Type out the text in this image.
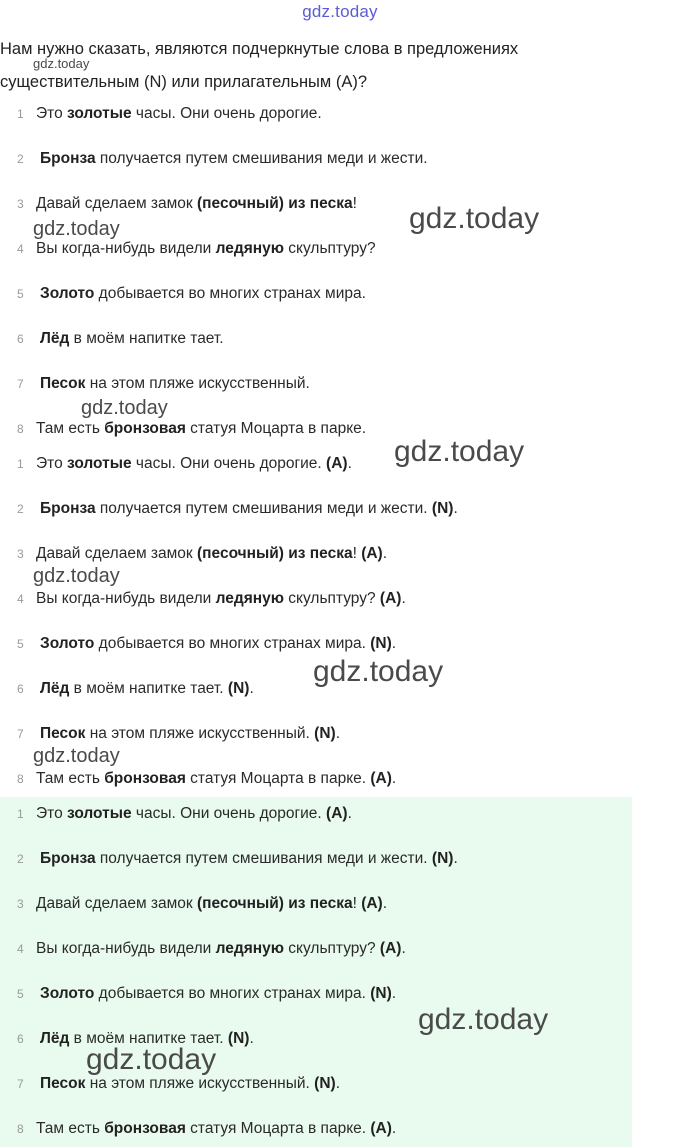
gdz.today
Нам нужно сказать, являются подчеркнутые слова в предложениях существительным (N) или прилагательным (A)?
1 Это золотые часы. Они очень дорогие.
2 Бронза получается путем смешивания меди и жести.
3 Давай сделаем замок (песочный) из песка!
4 Вы когда-нибудь видели ледяную скульптуру?
5 Золото добывается во многих странах мира.
6 Лёд в моём напитке тает.
7 Песок на этом пляже искусственный.
8 Там есть бронзовая статуя Моцарта в парке.
1 Это золотые часы. Они очень дорогие. (A).
2 Бронза получается путем смешивания меди и жести. (N).
3 Давай сделаем замок (песочный) из песка! (A).
4 Вы когда-нибудь видели ледяную скульптуру? (A).
5 Золото добывается во многих странах мира. (N).
6 Лёд в моём напитке тает. (N).
7 Песок на этом пляже искусственный. (N).
8 Там есть бронзовая статуя Моцарта в парке. (A).
1 Это золотые часы. Они очень дорогие. (A).
2 Бронза получается путем смешивания меди и жести. (N).
3 Давай сделаем замок (песочный) из песка! (A).
4 Вы когда-нибудь видели ледяную скульптуру? (A).
5 Золото добывается во многих странах мира. (N).
6 Лёд в моём напитке тает. (N).
7 Песок на этом пляже искусственный. (N).
8 Там есть бронзовая статуя Моцарта в парке. (A).
gdz.today
gdz.today
gdz.today
gdz.today
gdz.today
gdz.today
gdz.today
gdz.today
gdz.today
gdz.today
